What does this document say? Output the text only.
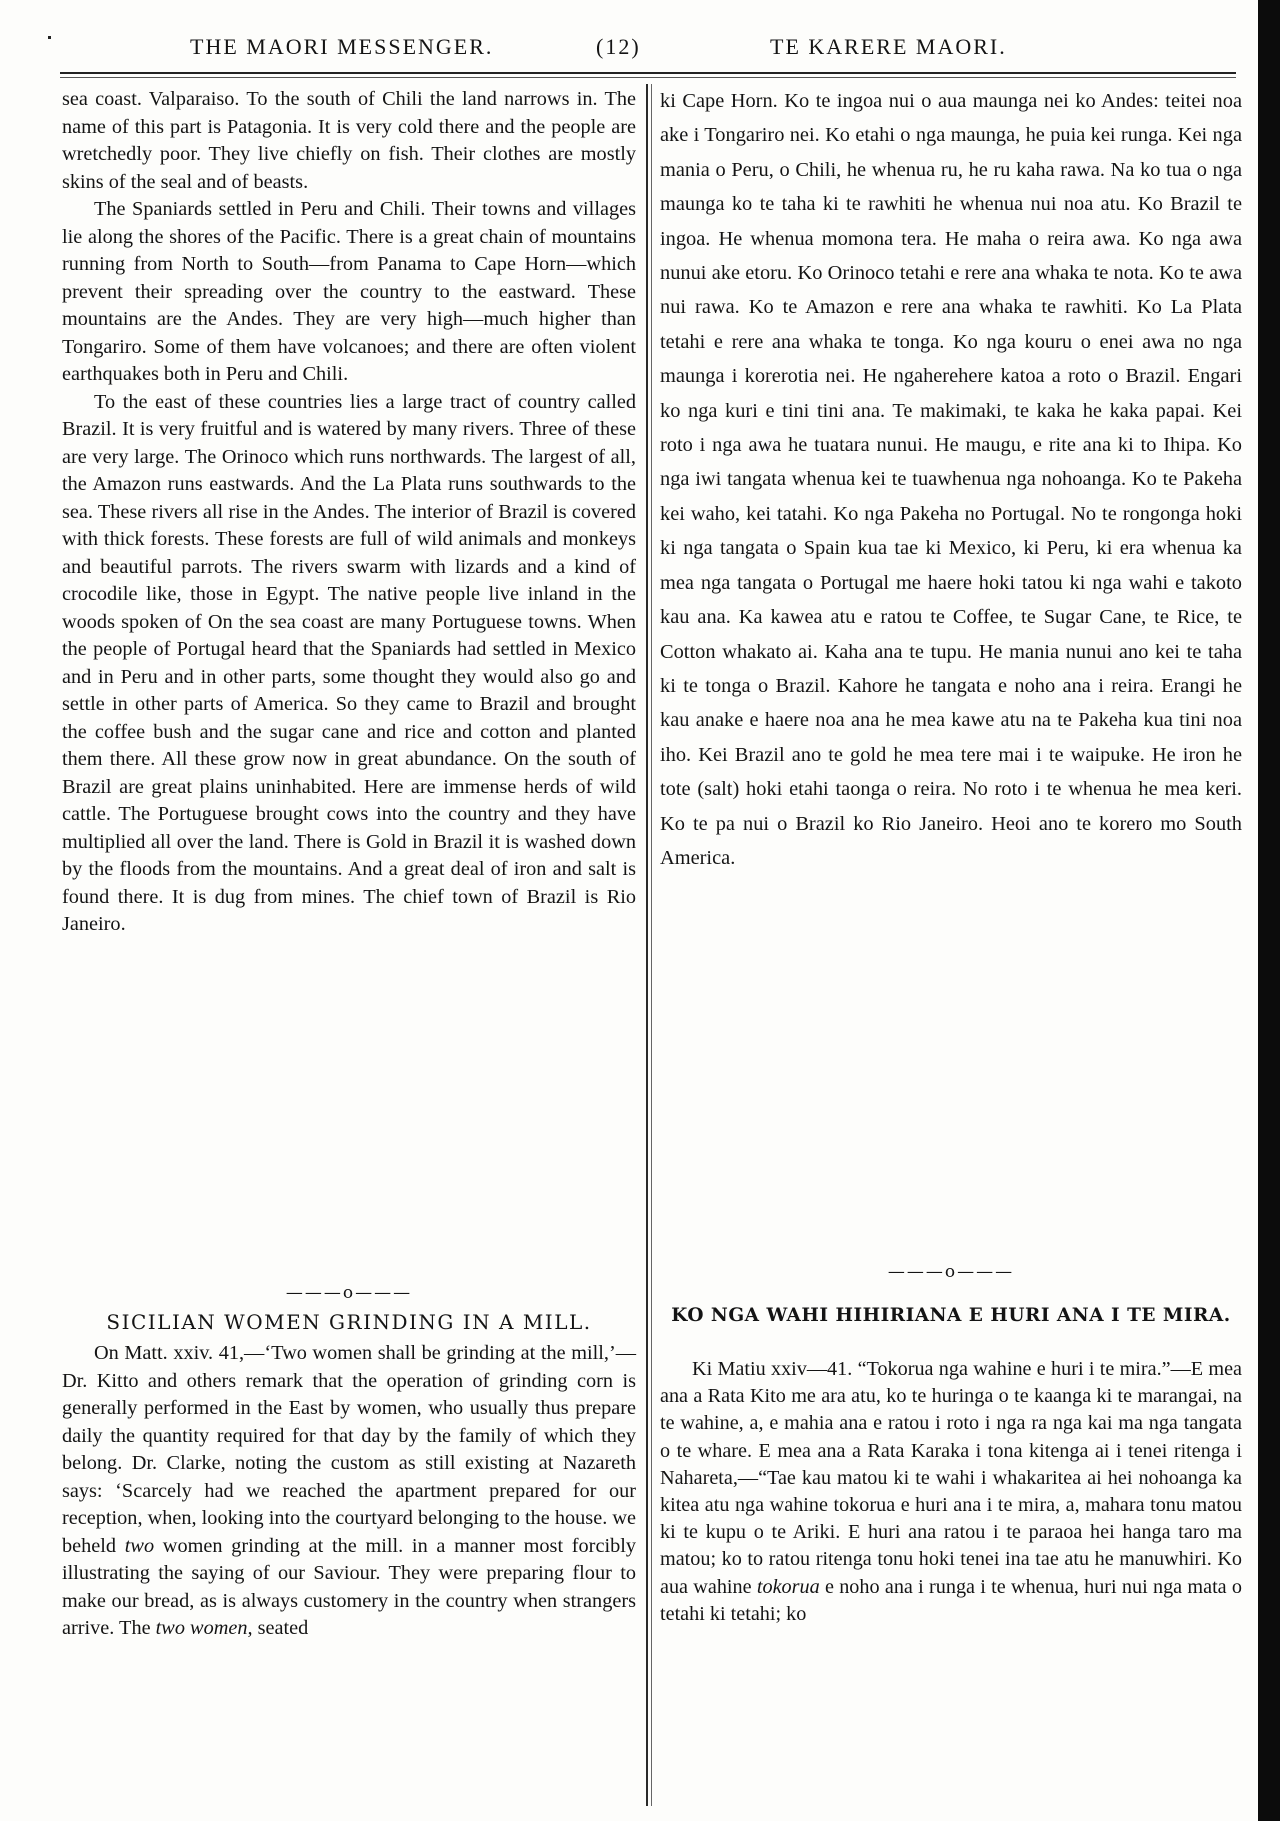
THE MAORI MESSENGER.	(12)	TE KARERE MAORI.

sea coast. Valparaiso. To the south of Chili the land narrows in. The name of this part is Patagonia. It is very cold there and the people are wretchedly poor. They live chiefly on fish. Their clothes are mostly skins of the seal and of beasts.

The Spaniards settled in Peru and Chili. Their towns and villages lie along the shores of the Pacific. There is a great chain of mountains running from North to South—from Panama to Cape Horn—which prevent their spreading over the country to the eastward. These mountains are the Andes. They are very high—much higher than Tongariro. Some of them have volcanoes; and there are often violent earthquakes both in Peru and Chili.

To the east of these countries lies a large tract of country called Brazil. It is very fruitful and is watered by many rivers. Three of these are very large. The Orinoco which runs northwards. The largest of all, the Amazon runs eastwards. And the La Plata runs southwards to the sea. These rivers all rise in the Andes. The interior of Brazil is covered with thick forests. These forests are full of wild animals and monkeys and beautiful parrots. The rivers swarm with lizards and a kind of crocodile like, those in Egypt. The native people live inland in the woods spoken of On the sea coast are many Portuguese towns. When the people of Portugal heard that the Spaniards had settled in Mexico and in Peru and in other parts, some thought they would also go and settle in other parts of America. So they came to Brazil and brought the coffee bush and the sugar cane and rice and cotton and planted them there. All these grow now in great abundance. On the south of Brazil are great plains uninhabited. Here are immense herds of wild cattle. The Portuguese brought cows into the country and they have multiplied all over the land. There is Gold in Brazil it is washed down by the floods from the mountains. And a great deal of iron and salt is found there. It is dug from mines. The chief town of Brazil is Rio Janeiro.

———o———

SICILIAN WOMEN GRINDING IN A MILL.

On Matt. xxiv. 41,—‘Two women shall be grinding at the mill,’—Dr. Kitto and others remark that the operation of grinding corn is generally performed in the East by women, who usually thus prepare daily the quantity required for that day by the family of which they belong. Dr. Clarke, noting the custom as still existing at Nazareth says: ‘Scarcely had we reached the apartment prepared for our reception, when, looking into the courtyard belonging to the house. we beheld two women grinding at the mill. in a manner most forcibly illustrating the saying of our Saviour. They were preparing flour to make our bread, as is always customery in the country when strangers arrive. The two women, seated

ki Cape Horn. Ko te ingoa nui o aua maunga nei ko Andes: teitei noa ake i Tongariro nei. Ko etahi o nga maunga, he puia kei runga. Kei nga mania o Peru, o Chili, he whenua ru, he ru kaha rawa. Na ko tua o nga maunga ko te taha ki te rawhiti he whenua nui noa atu. Ko Brazil te ingoa. He whenua momona tera. He maha o reira awa. Ko nga awa nunui ake etoru. Ko Orinoco tetahi e rere ana whaka te nota. Ko te awa nui rawa. Ko te Amazon e rere ana whaka te rawhiti. Ko La Plata tetahi e rere ana whaka te tonga. Ko nga kouru o enei awa no nga maunga i korerotia nei. He ngaherehere katoa a roto o Brazil. Engari ko nga kuri e tini tini ana. Te makimaki, te kaka he kaka papai. Kei roto i nga awa he tuatara nunui. He maugu, e rite ana ki to Ihipa. Ko nga iwi tangata whenua kei te tuawhenua nga nohoanga. Ko te Pakeha kei waho, kei tatahi. Ko nga Pakeha no Portugal. No te rongonga hoki ki nga tangata o Spain kua tae ki Mexico, ki Peru, ki era whenua ka mea nga tangata o Portugal me haere hoki tatou ki nga wahi e takoto kau ana. Ka kawea atu e ratou te Coffee, te Sugar Cane, te Rice, te Cotton whakato ai. Kaha ana te tupu. He mania nunui ano kei te taha ki te tonga o Brazil. Kahore he tangata e noho ana i reira. Erangi he kau anake e haere noa ana he mea kawe atu na te Pakeha kua tini noa iho. Kei Brazil ano te gold he mea tere mai i te waipuke. He iron he tote (salt) hoki etahi taonga o reira. No roto i te whenua he mea keri. Ko te pa nui o Brazil ko Rio Janeiro. Heoi ano te korero mo South America.

———o———

KO NGA WAHI HIHIRIANA E HURI ANA I TE MIRA.

Ki Matiu xxiv—41. “Tokorua nga wahine e huri i te mira.”—E mea ana a Rata Kito me ara atu, ko te huringa o te kaanga ki te marangai, na te wahine, a, e mahia ana e ratou i roto i nga ra nga kai ma nga tangata o te whare. E mea ana a Rata Karaka i tona kitenga ai i tenei ritenga i Nahareta,—“Tae kau matou ki te wahi i whakaritea ai hei nohoanga ka kitea atu nga wahine tokorua e huri ana i te mira, a, mahara tonu matou ki te kupu o te Ariki. E huri ana ratou i te paraoa hei hanga taro ma matou; ko to ratou ritenga tonu hoki tenei ina tae atu he manuwhiri. Ko aua wahine tokorua e noho ana i runga i te whenua, huri nui nga mata o tetahi ki tetahi; ko
